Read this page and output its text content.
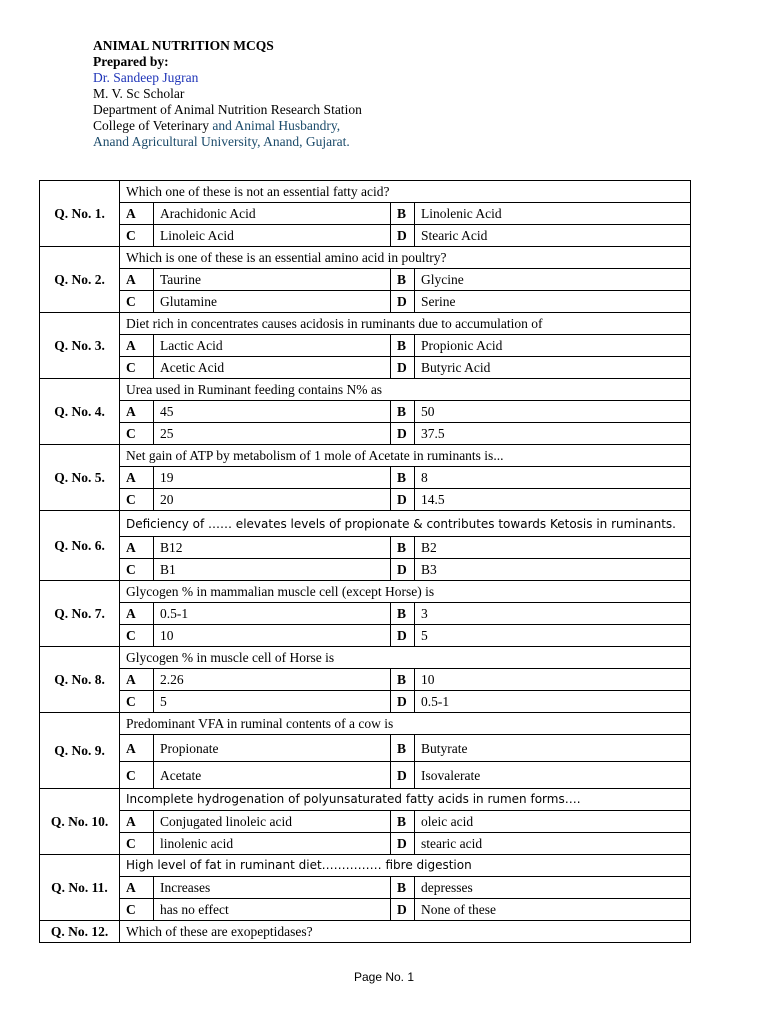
ANIMAL NUTRITION MCQS
Prepared by:
Dr. Sandeep Jugran
M. V. Sc Scholar
Department of Animal Nutrition Research Station
College of Veterinary and Animal Husbandry,
Anand Agricultural University, Anand, Gujarat.
Q. No. 1.	Which one of these is not an essential fatty acid?			
	A	Arachidonic Acid	B	Linolenic Acid
	C	Linoleic Acid	D	Stearic Acid
Q. No. 2.	Which is one of these is an essential amino acid in poultry?			
	A	Taurine	B	Glycine
	C	Glutamine	D	Serine
Q. No. 3.	Diet rich in concentrates causes acidosis in ruminants due to accumulation of			
	A	Lactic Acid	B	Propionic Acid
	C	Acetic Acid	D	Butyric Acid
Q. No. 4.	Urea used in Ruminant feeding contains N% as			
	A	45	B	50
	C	25	D	37.5
Q. No. 5.	Net gain of ATP by metabolism of 1 mole of Acetate in ruminants is...			
	A	19	B	8
	C	20	D	14.5
Q. No. 6.	Deficiency of …… elevates levels of propionate & contributes towards Ketosis in ruminants.			
	A	B12	B	B2
	C	B1	D	B3
Q. No. 7.	Glycogen % in mammalian muscle cell (except Horse) is			
	A	0.5-1	B	3
	C	10	D	5
Q. No. 8.	Glycogen % in muscle cell of Horse is			
	A	2.26	B	10
	C	5	D	0.5-1
Q. No. 9.	Predominant VFA in ruminal contents of a cow is			
	A	Propionate	B	Butyrate
	C	Acetate	D	Isovalerate
Q. No. 10.	Incomplete hydrogenation of polyunsaturated fatty acids in rumen forms….			
	A	Conjugated linoleic acid	B	oleic acid
	C	linolenic acid	D	stearic acid
Q. No. 11.	High level of fat in ruminant diet…………… fibre digestion			
	A	Increases	B	depresses
	C	has no effect	D	None of these
Q. No. 12.	Which of these are exopeptidases?			
Page No. 1
